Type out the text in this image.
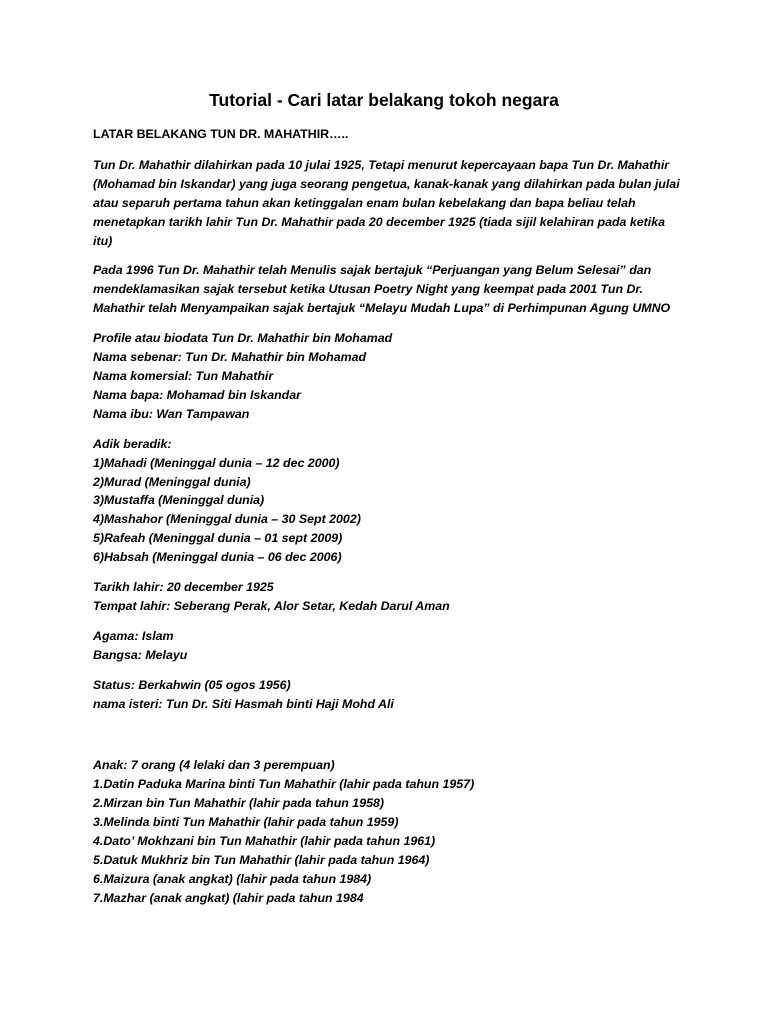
Tutorial - Cari latar belakang tokoh negara

LATAR BELAKANG TUN DR. MAHATHIR…..

Tun Dr. Mahathir dilahirkan pada 10 julai 1925, Tetapi menurut kepercayaan bapa Tun Dr. Mahathir (Mohamad bin Iskandar) yang juga seorang pengetua, kanak-kanak yang dilahirkan pada bulan julai atau separuh pertama tahun akan ketinggalan enam bulan kebelakang dan bapa beliau telah menetapkan tarikh lahir Tun Dr. Mahathir pada 20 december 1925 (tiada sijil kelahiran pada ketika itu)

Pada 1996 Tun Dr. Mahathir telah Menulis sajak bertajuk “Perjuangan yang Belum Selesai” dan mendeklamasikan sajak tersebut ketika Utusan Poetry Night yang keempat pada 2001 Tun Dr. Mahathir telah Menyampaikan sajak bertajuk “Melayu Mudah Lupa” di Perhimpunan Agung UMNO

Profile atau biodata Tun Dr. Mahathir bin Mohamad
Nama sebenar: Tun Dr. Mahathir bin Mohamad
Nama komersial: Tun Mahathir
Nama bapa: Mohamad bin Iskandar
Nama ibu: Wan Tampawan

Adik beradik:
1)Mahadi (Meninggal dunia – 12 dec 2000)
2)Murad (Meninggal dunia)
3)Mustaffa (Meninggal dunia)
4)Mashahor (Meninggal dunia – 30 Sept 2002)
5)Rafeah (Meninggal dunia – 01 sept 2009)
6)Habsah (Meninggal dunia – 06 dec 2006)

Tarikh lahir: 20 december 1925
Tempat lahir: Seberang Perak, Alor Setar, Kedah Darul Aman

Agama: Islam
Bangsa: Melayu

Status: Berkahwin (05 ogos 1956)
nama isteri: Tun Dr. Siti Hasmah binti Haji Mohd Ali

Anak: 7 orang (4 lelaki dan 3 perempuan)
1.Datin Paduka Marina binti Tun Mahathir (lahir pada tahun 1957)
2.Mirzan bin Tun Mahathir (lahir pada tahun 1958)
3.Melinda binti Tun Mahathir (lahir pada tahun 1959)
4.Dato’ Mokhzani bin Tun Mahathir (lahir pada tahun 1961)
5.Datuk Mukhriz bin Tun Mahathir (lahir pada tahun 1964)
6.Maizura (anak angkat) (lahir pada tahun 1984)
7.Mazhar (anak angkat) (lahir pada tahun 1984
